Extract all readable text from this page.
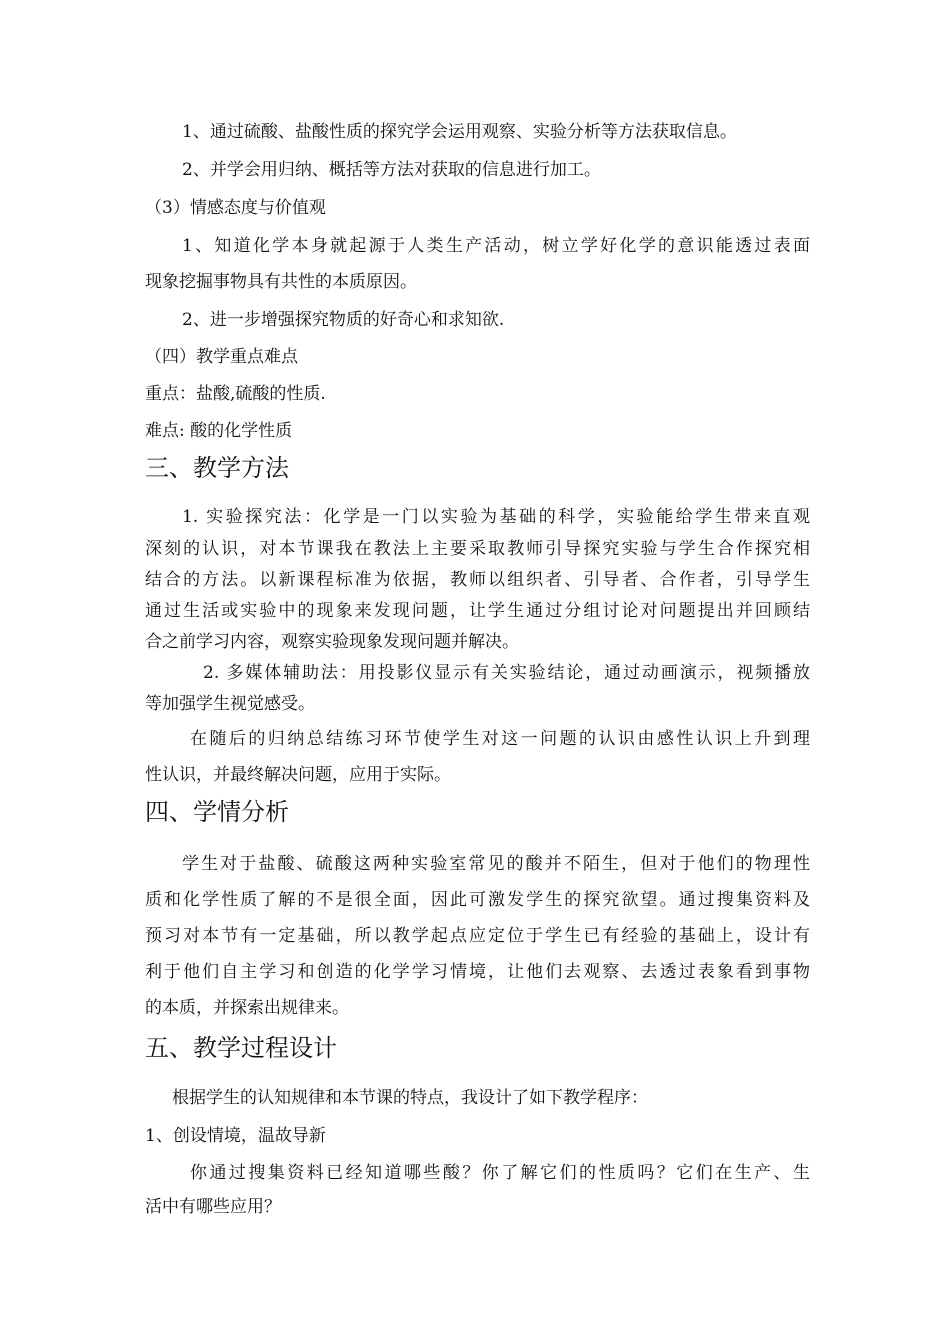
1、通过硫酸、盐酸性质的探究学会运用观察、实验分析等方法获取信息。
2、并学会用归纳、概括等方法对获取的信息进行加工。
（3）情感态度与价值观
1、知道化学本身就起源于人类生产活动，树立学好化学的意识能透过表面
现象挖掘事物具有共性的本质原因。
2、进一步增强探究物质的好奇心和求知欲.
（四）教学重点难点
重点：盐酸,硫酸的性质.
难点: 酸的化学性质
三、教学方法
1. 实验探究法：化学是一门以实验为基础的科学，实验能给学生带来直观
深刻的认识，对本节课我在教法上主要采取教师引导探究实验与学生合作探究相
结合的方法。以新课程标准为依据，教师以组织者、引导者、合作者，引导学生
通过生活或实验中的现象来发现问题，让学生通过分组讨论对问题提出并回顾结
合之前学习内容，观察实验现象发现问题并解决。
2. 多媒体辅助法：用投影仪显示有关实验结论，通过动画演示，视频播放
等加强学生视觉感受。
在随后的归纳总结练习环节使学生对这一问题的认识由感性认识上升到理
性认识，并最终解决问题，应用于实际。
四、学情分析
学生对于盐酸、硫酸这两种实验室常见的酸并不陌生，但对于他们的物理性
质和化学性质了解的不是很全面，因此可激发学生的探究欲望。通过搜集资料及
预习对本节有一定基础，所以教学起点应定位于学生已有经验的基础上，设计有
利于他们自主学习和创造的化学学习情境，让他们去观察、去透过表象看到事物
的本质，并探索出规律来。
五、教学过程设计
根据学生的认知规律和本节课的特点，我设计了如下教学程序：
1、创设情境，温故导新
你通过搜集资料已经知道哪些酸？你了解它们的性质吗？它们在生产、生
活中有哪些应用？
